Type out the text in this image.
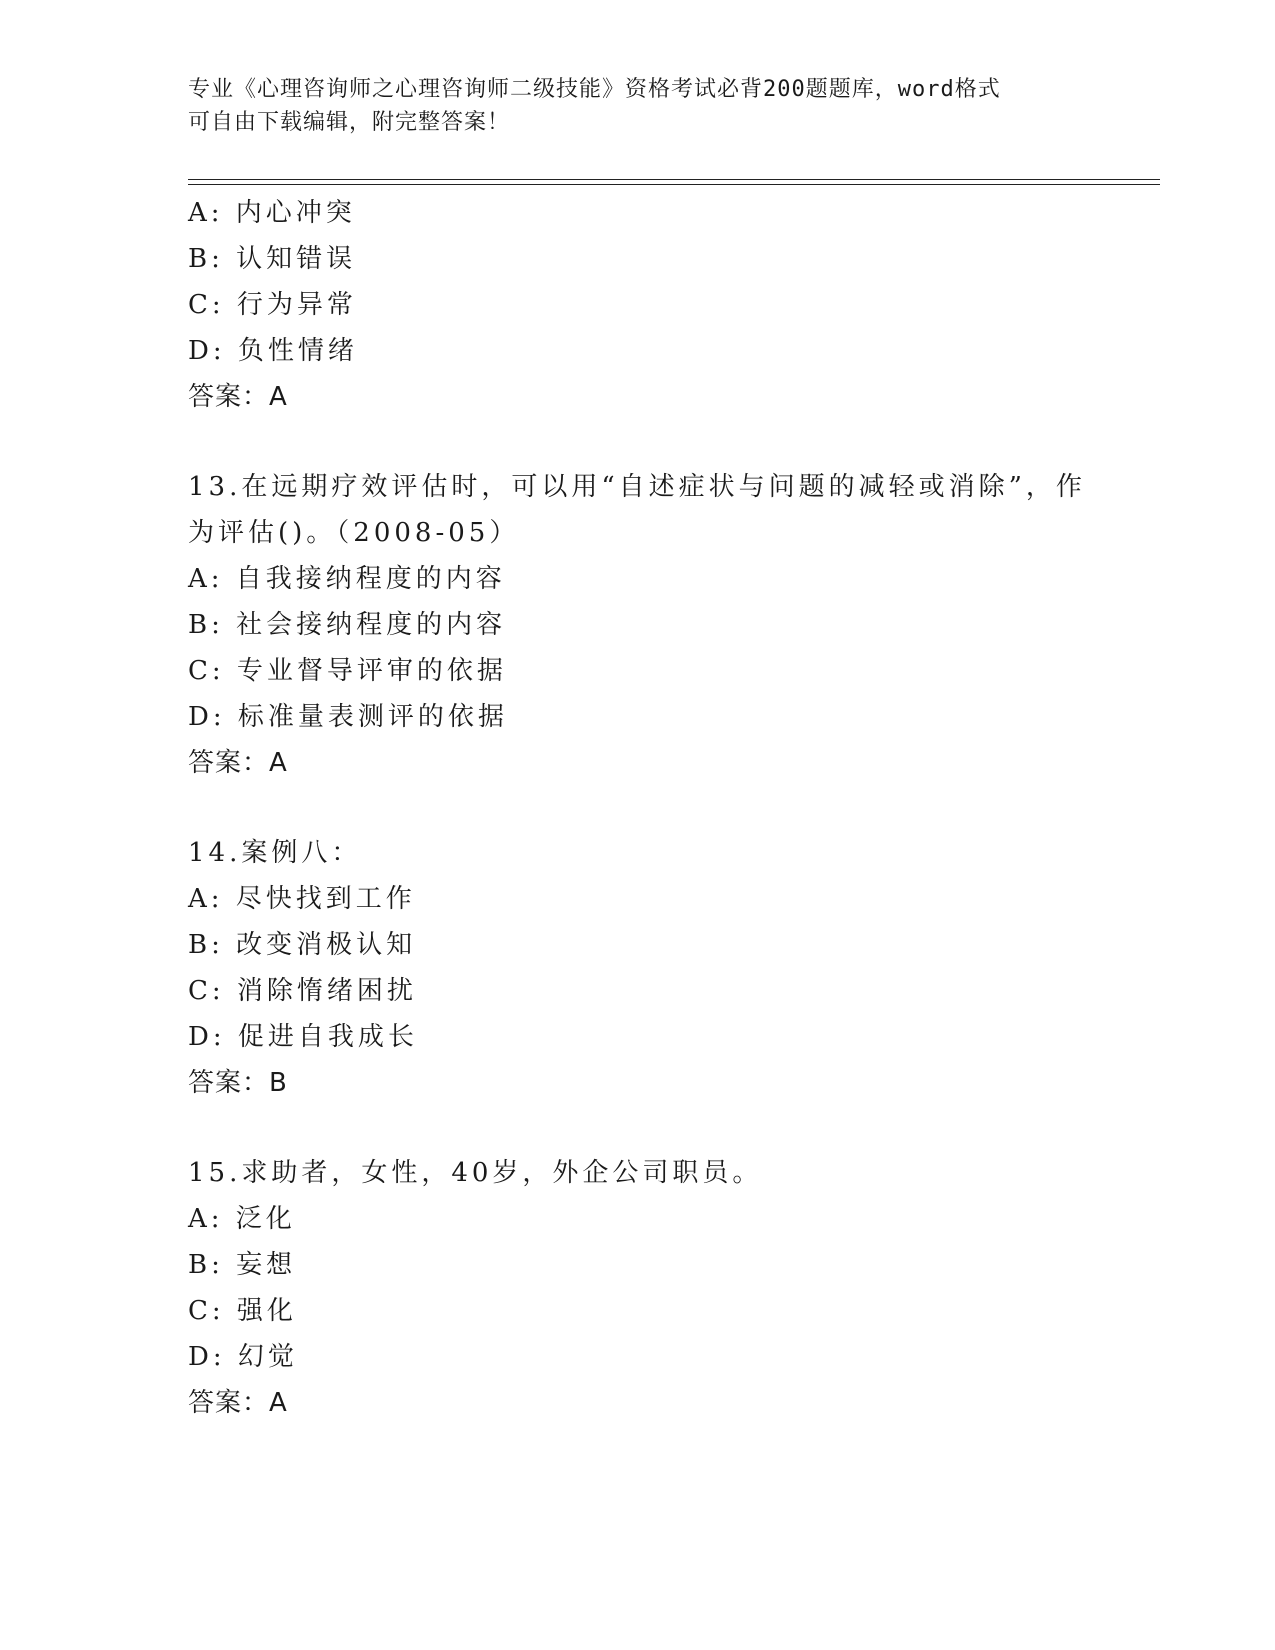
专业《心理咨询师之心理咨询师二级技能》资格考试必背200题题库，word格式
可自由下载编辑，附完整答案！
A: 内心冲突
B: 认知错误
C: 行为异常
D: 负性情绪
答案：A
13.在远期疗效评估时，可以用“自述症状与问题的减轻或消除”，作
为评估()。（2008-05）
A: 自我接纳程度的内容
B: 社会接纳程度的内容
C: 专业督导评审的依据
D: 标准量表测评的依据
答案：A
14.案例八：
A: 尽快找到工作
B: 改变消极认知
C: 消除惰绪困扰
D: 促进自我成长
答案：B
15.求助者，女性，40岁，外企公司职员。
A: 泛化
B: 妄想
C: 强化
D: 幻觉
答案：A
